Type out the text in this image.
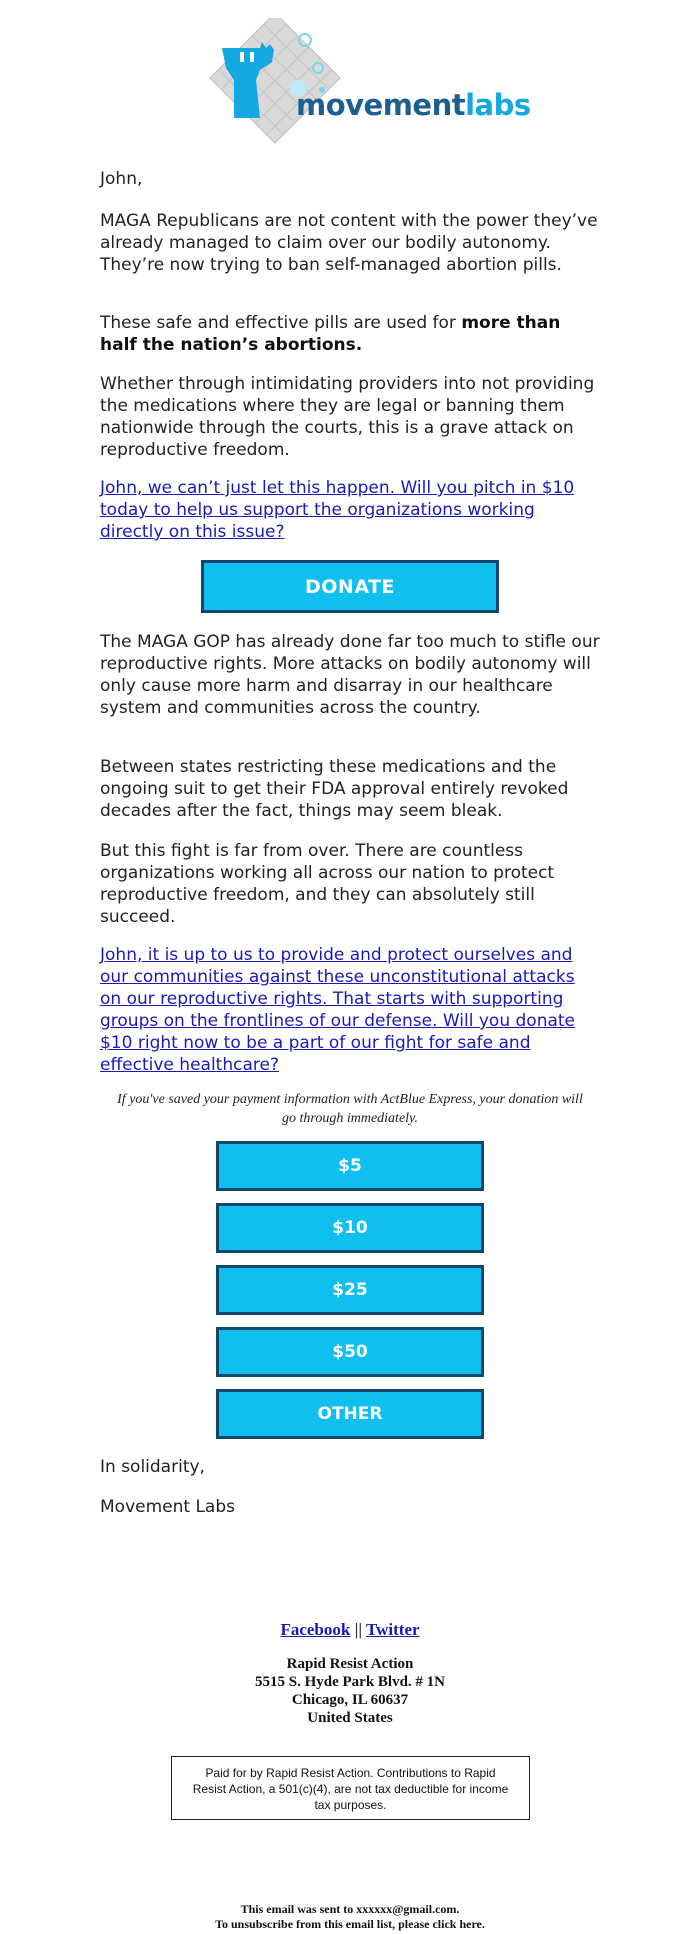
movementlabs

John,

MAGA Republicans are not content with the power they’ve already managed to claim over our bodily autonomy. They’re now trying to ban self-managed abortion pills.

These safe and effective pills are used for more than half the nation’s abortions.

Whether through intimidating providers into not providing the medications where they are legal or banning them nationwide through the courts, this is a grave attack on reproductive freedom.

John, we can’t just let this happen. Will you pitch in $10 today to help us support the organizations working directly on this issue?
DONATE

The MAGA GOP has already done far too much to stifle our reproductive rights. More attacks on bodily autonomy will only cause more harm and disarray in our healthcare system and communities across the country.

Between states restricting these medications and the ongoing suit to get their FDA approval entirely revoked decades after the fact, things may seem bleak.

But this fight is far from over. There are countless organizations working all across our nation to protect reproductive freedom, and they can absolutely still succeed.

John, it is up to us to provide and protect ourselves and our communities against these unconstitutional attacks on our reproductive rights. That starts with supporting groups on the frontlines of our defense. Will you donate $10 right now to be a part of our fight for safe and effective healthcare?

If you've saved your payment information with ActBlue Express, your donation will go through immediately.

$5
$10
$25
$50
OTHER

In solidarity,

Movement Labs

Facebook || Twitter
Rapid Resist Action
5515 S. Hyde Park Blvd. # 1N
Chicago, IL 60637
United States
Paid for by Rapid Resist Action. Contributions to Rapid Resist Action, a 501(c)(4), are not tax deductible for income tax purposes.
This email was sent to xxxxxx@gmail.com.
To unsubscribe from this email list, please click here.
